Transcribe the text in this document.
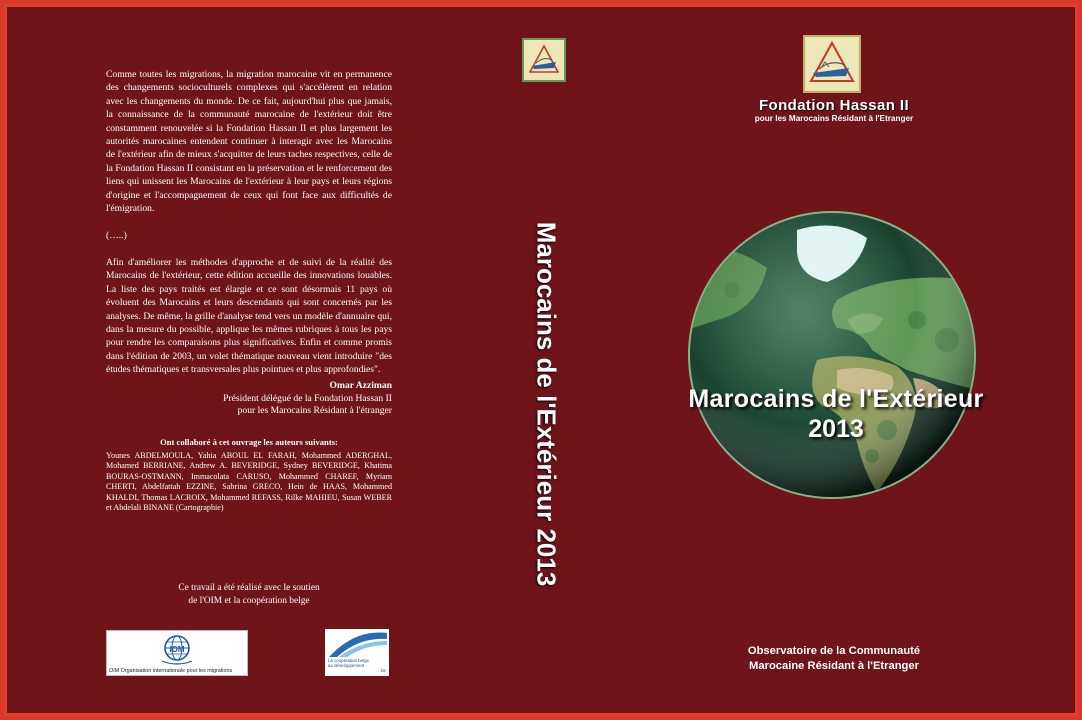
Comme toutes les migrations, la migration marocaine vit en permanence des changements socioculturels complexes qui s'accélèrent en relation avec les changements du monde. De ce fait, aujourd'hui plus que jamais, la connaissance de la communauté marocaine de l'extérieur doit être constamment renouvelée si la Fondation Hassan II et plus largement les autorités marocaines entendent continuer à interagir avec les Marocains de l'extérieur afin de mieux s'acquitter de leurs taches respectives, celle de la Fondation Hassan II consistant en la préservation et le renforcement des liens qui unissent les Marocains de l'extérieur à leur pays et leurs régions d'origine et l'accompagnement de ceux qui font face aux difficultés de l'émigration.

(…..)

Afin d'améliorer les méthodes d'approche et de suivi de la réalité des Marocains de l'extérieur, cette édition accueille des innovations louables. La liste des pays traités est élargie et ce sont désormais 11 pays où évoluent des Marocains et leurs descendants qui sont concernés par les analyses. De même, la grille d'analyse tend vers un modèle d'annuaire qui, dans la mesure du possible, applique les mêmes rubriques à tous les pays pour rendre les comparaisons plus significatives. Enfin et comme promis dans l'édition de 2003, un volet thématique nouveau vient introduire "des études thématiques et transversales plus pointues et plus approfondies".

Omar Azziman
Président délégué de la Fondation Hassan II
pour les Marocains Résidant à l'étranger

Ont collaboré à cet ouvrage les auteurs suivants:

Younes ABDELMOULA, Yahia ABOUL EL FARAH, Mohammed ADERGHAL, Mohamed BERRIANE, Andrew A. BEVERIDGE, Sydney BEVERIDGE, Khatima BOURAS-OSTMANN, Immacolata CARUSO, Mohammed CHAREF, Myriam CHERTI, Abdelfattah EZZINE, Sabrina GRECO, Hein de HAAS, Mohammed KHALDI, Thomas LACROIX, Mohammed REFASS, Rilke MAHIEU, Susan WEBER et Abdelali BINANE (Cartographie)

Ce travail a été réalisé avec le soutien
de l'OIM et la coopération belge
IOM
OIM Organisation internationale pour les migrations
La coopération belge
au développement
.be
Marocains de l'Extérieur 2013
Fondation Hassan II
pour les Marocains Résidant à l'Etranger
Marocains de l'Extérieur
2013
Observatoire de la Communauté
Marocaine Résidant à l'Etranger
